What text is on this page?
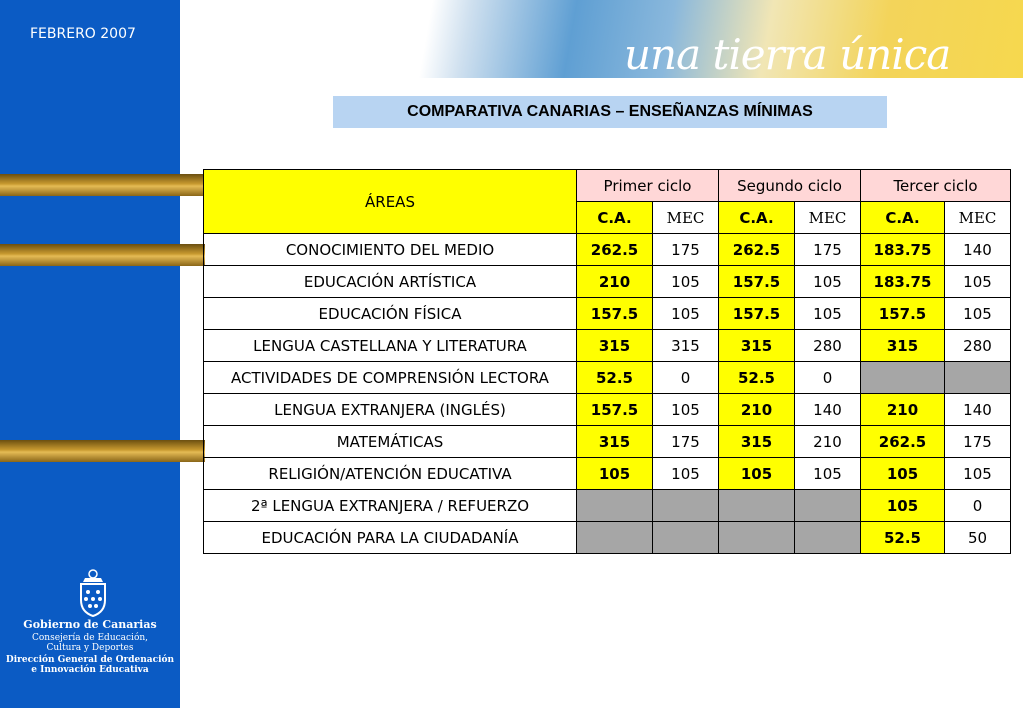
FEBRERO 2007
Gobierno de Canarias
Consejería de Educación,
Cultura y Deportes
Dirección General de Ordenación
e Innovación Educativa
una tierra única
COMPARATIVA CANARIAS – ENSEÑANZAS MÍNIMAS
ÁREAS	Primer ciclo		Segundo ciclo		Tercer ciclo	
	C.A.	MEC	C.A.	MEC	C.A.	MEC
CONOCIMIENTO DEL MEDIO	262.5	175	262.5	175	183.75	140
EDUCACIÓN ARTÍSTICA	210	105	157.5	105	183.75	105
EDUCACIÓN FÍSICA	157.5	105	157.5	105	157.5	105
LENGUA CASTELLANA Y LITERATURA	315	315	315	280	315	280
ACTIVIDADES DE COMPRENSIÓN LECTORA	52.5	0	52.5	0		
LENGUA EXTRANJERA (INGLÉS)	157.5	105	210	140	210	140
MATEMÁTICAS	315	175	315	210	262.5	175
RELIGIÓN/ATENCIÓN EDUCATIVA	105	105	105	105	105	105
2ª LENGUA EXTRANJERA / REFUERZO					105	0
EDUCACIÓN PARA LA CIUDADANÍA					52.5	50
